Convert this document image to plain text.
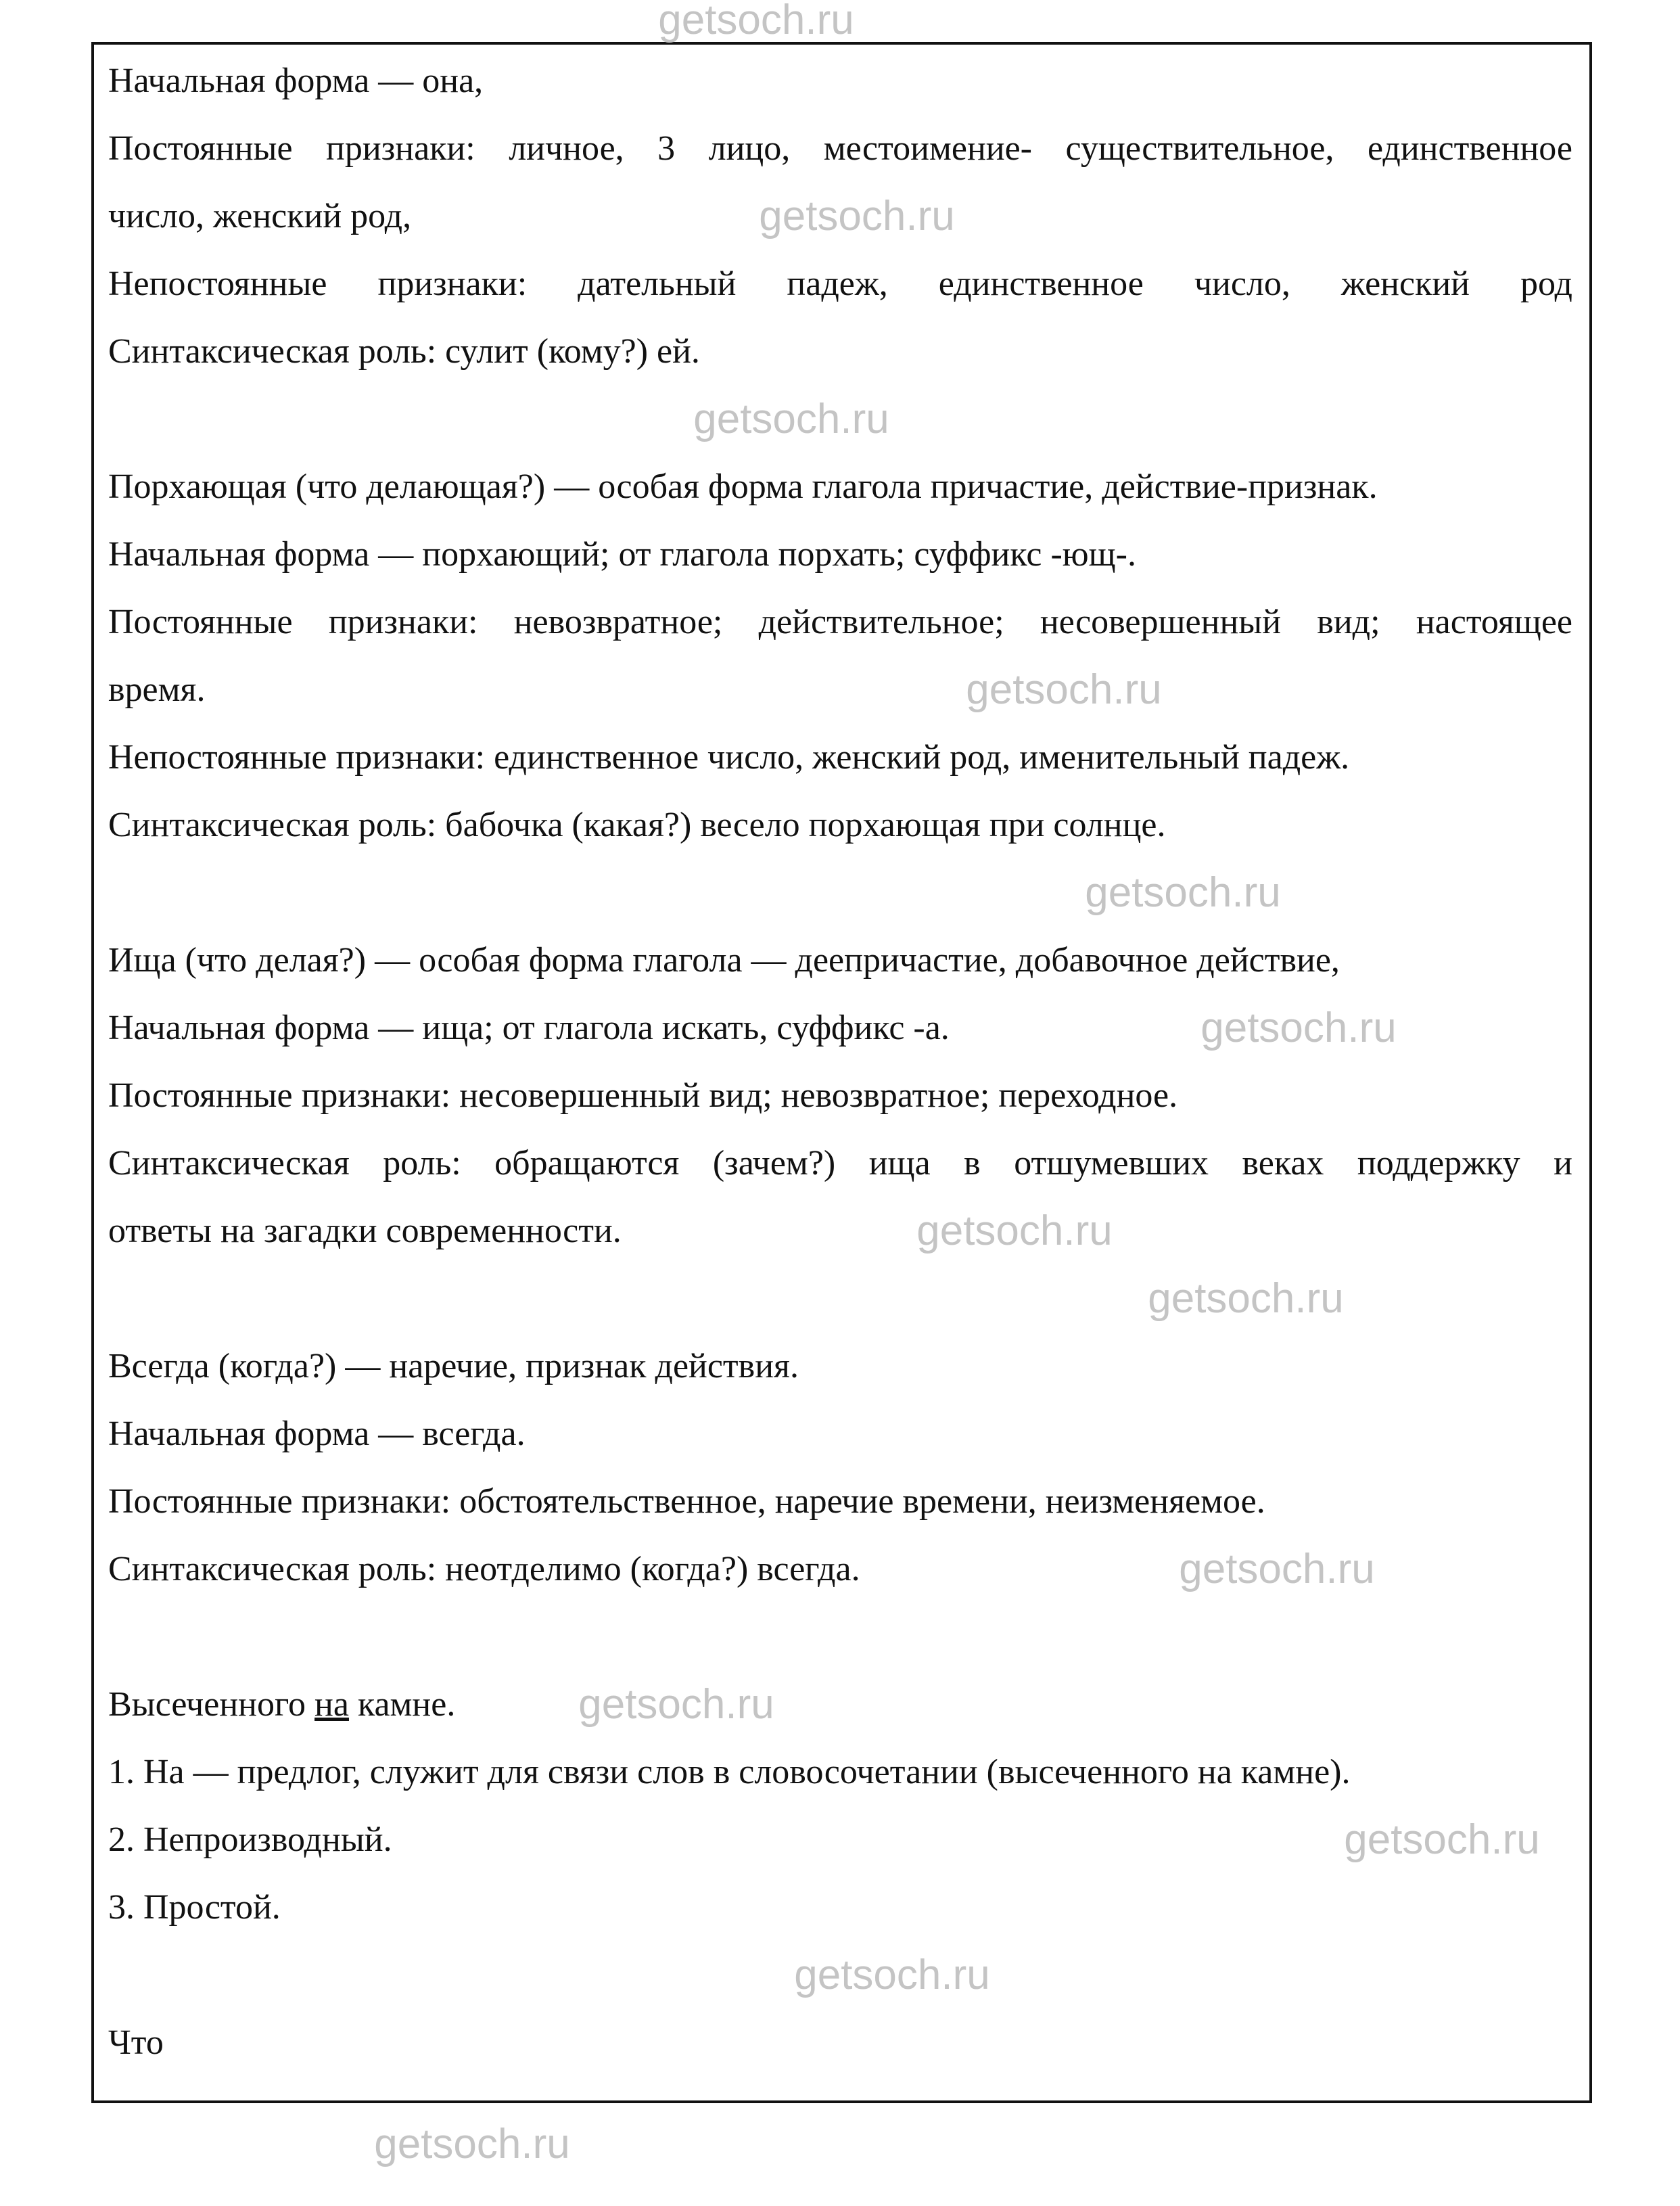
Начальная форма — она,
Постоянные признаки: личное, 3 лицо, местоимение- существительное, единственное
число, женский род,
Непостоянные признаки: дательный падеж, единственное число, женский род
Синтаксическая роль: сулит (кому?) ей.
Порхающая (что делающая?) — особая форма глагола причастие, действие-признак.
Начальная форма — порхающий; от глагола порхать; суффикс -ющ-.
Постоянные признаки: невозвратное; действительное; несовершенный вид; настоящее
время.
Непостоянные признаки: единственное число, женский род, именительный падеж.
Синтаксическая роль: бабочка (какая?) весело порхающая при солнце.
Ища (что делая?) — особая форма глагола — деепричастие, добавочное действие,
Начальная форма — ища; от глагола искать, суффикс -а.
Постоянные признаки: несовершенный вид; невозвратное; переходное.
Синтаксическая роль: обращаются (зачем?) ища в отшумевших веках поддержку и
ответы на загадки современности.
Всегда (когда?) — наречие, признак действия.
Начальная форма — всегда.
Постоянные признаки: обстоятельственное, наречие времени, неизменяемое.
Синтаксическая роль: неотделимо (когда?) всегда.
Высеченного на камне.
1. На — предлог, служит для связи слов в словосочетании (высеченного на камне).
2. Непроизводный.
3. Простой.
Что
getsoch.ru
getsoch.ru
getsoch.ru
getsoch.ru
getsoch.ru
getsoch.ru
getsoch.ru
getsoch.ru
getsoch.ru
getsoch.ru
getsoch.ru
getsoch.ru
getsoch.ru
